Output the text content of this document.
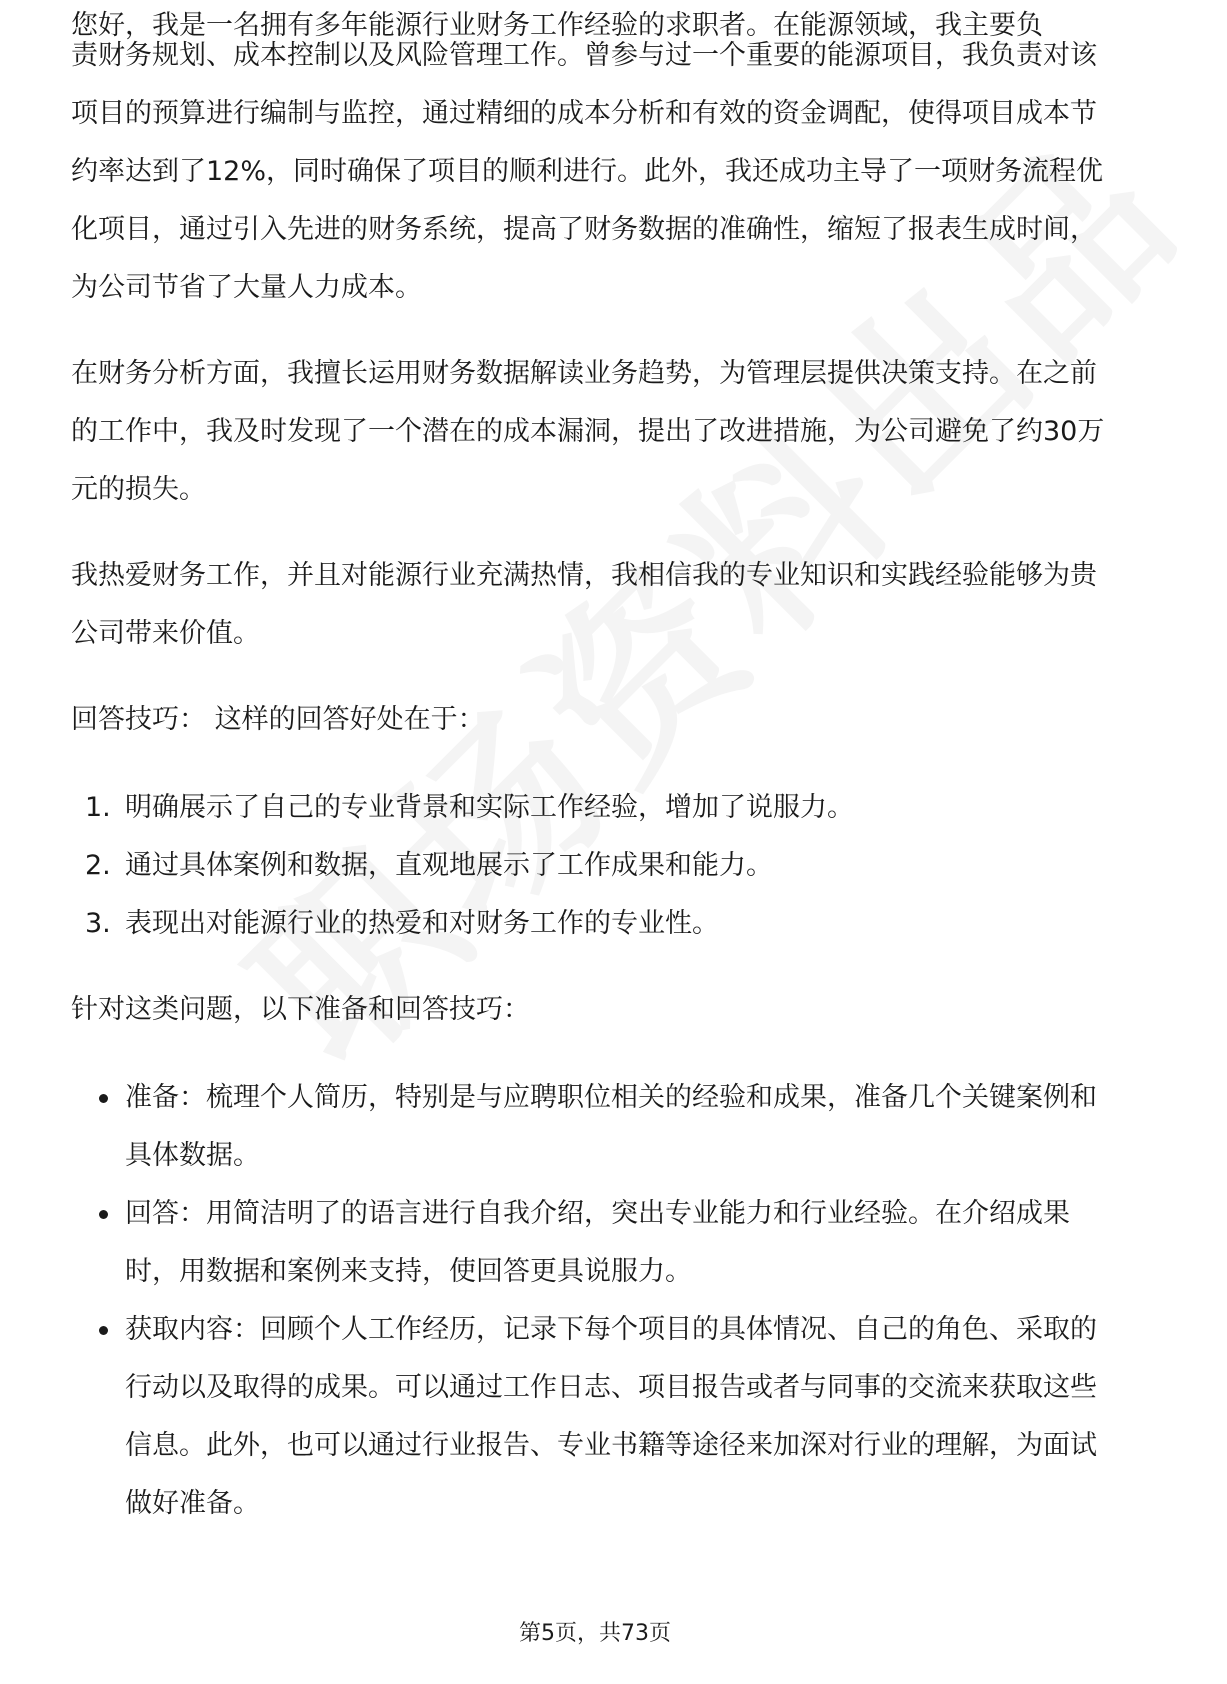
您好，我是一名拥有多年能源行业财务工作经验的求职者。在能源领域，我主要负

责财务规划、成本控制以及风险管理工作。曾参与过一个重要的能源项目，我负责对该项目的预算进行编制与监控，通过精细的成本分析和有效的资金调配，使得项目成本节约率达到了12%，同时确保了项目的顺利进行。此外，我还成功主导了一项财务流程优化项目，通过引入先进的财务系统，提高了财务数据的准确性，缩短了报表生成时间，为公司节省了大量人力成本。

在财务分析方面，我擅长运用财务数据解读业务趋势，为管理层提供决策支持。在之前的工作中，我及时发现了一个潜在的成本漏洞，提出了改进措施，为公司避免了约30万元的损失。

我热爱财务工作，并且对能源行业充满热情，我相信我的专业知识和实践经验能够为贵公司带来价值。

回答技巧： 这样的回答好处在于：

1. 明确展示了自己的专业背景和实际工作经验，增加了说服力。
2. 通过具体案例和数据，直观地展示了工作成果和能力。
3. 表现出对能源行业的热爱和对财务工作的专业性。

针对这类问题，以下准备和回答技巧：

准备：梳理个人简历，特别是与应聘职位相关的经验和成果，准备几个关键案例和具体数据。
回答：用简洁明了的语言进行自我介绍，突出专业能力和行业经验。在介绍成果时，用数据和案例来支持，使回答更具说服力。
获取内容：回顾个人工作经历，记录下每个项目的具体情况、自己的角色、采取的行动以及取得的成果。可以通过工作日志、项目报告或者与同事的交流来获取这些信息。此外，也可以通过行业报告、专业书籍等途径来加深对行业的理解，为面试做好准备。
第5页，共73页
